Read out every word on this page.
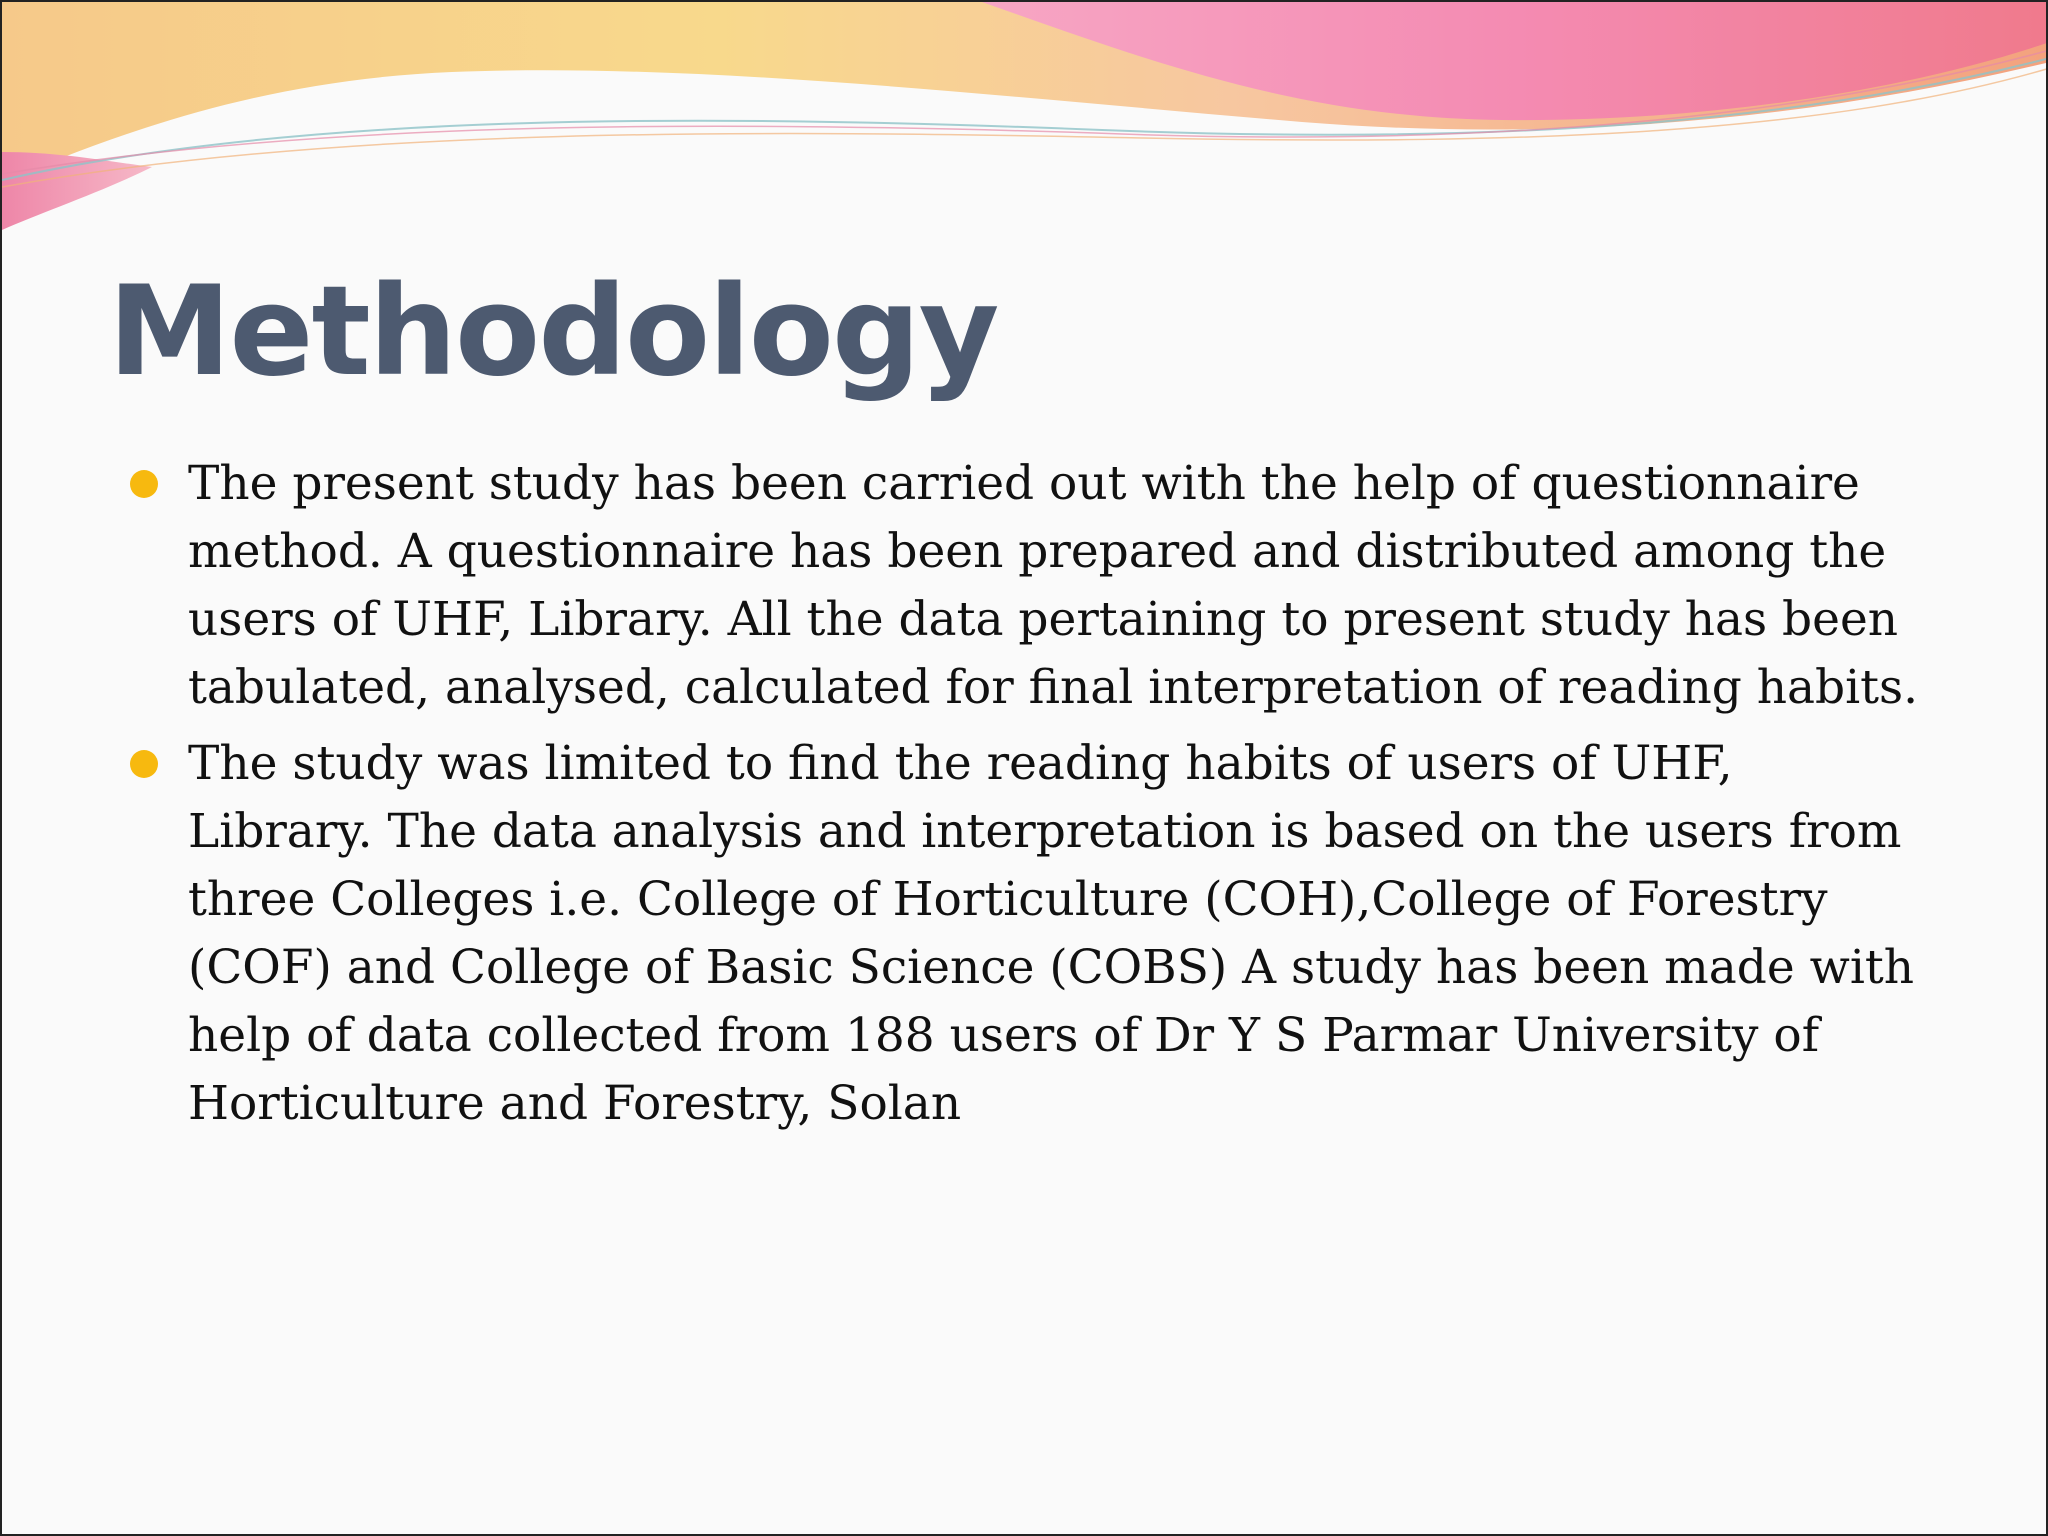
Methodology
The present study has been carried out with the help of questionnaire method. A questionnaire has been prepared and distributed among the users of UHF, Library. All the data pertaining to present study has been tabulated, analysed, calculated for final interpretation of reading habits.
The study was limited to find the reading habits of users of UHF, Library. The data analysis and interpretation is based on the users from three Colleges i.e. College of Horticulture (COH),College of Forestry (COF) and College of Basic Science (COBS) A study has been made with help of data collected from 188 users of Dr Y S Parmar University of Horticulture and Forestry, Solan
